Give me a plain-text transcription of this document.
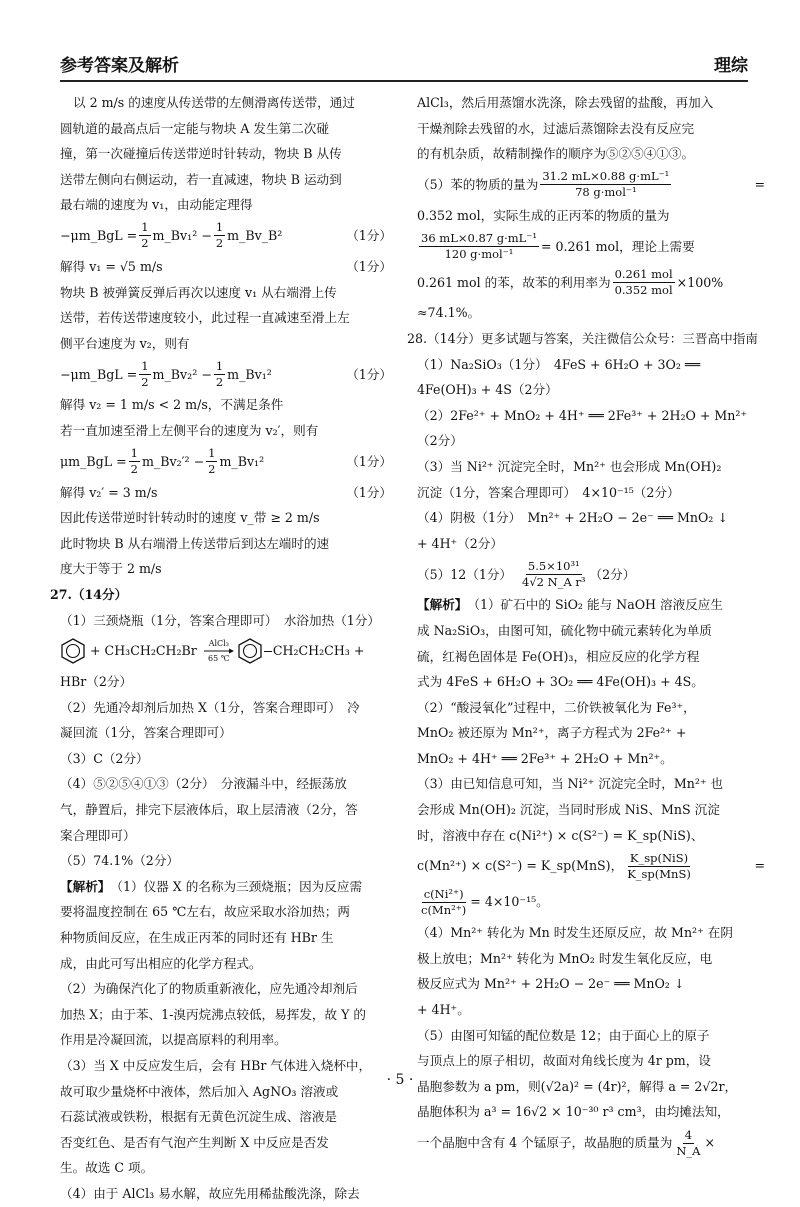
参考答案及解析	理综
以 2 m/s 的速度从传送带的左侧滑离传送带，通过
圆轨道的最高点后一定能与物块 A 发生第二次碰
撞，第一次碰撞后传送带逆时针转动，物块 B 从传
送带左侧向右侧运动，若一直减速，物块 B 运动到
最右端的速度为 v₁，由动能定理得
−μm_BgL = $\frac{1}{2}$ m_Bv₁² − $\frac{1}{2}$ m_Bv_B²	（1分）
解得 v₁ = √5 m/s	（1分）
物块 B 被弹簧反弹后再次以速度 v₁ 从右端滑上传
送带，若传送带速度较小，此过程一直减速至滑上左
侧平台速度为 v₂，则有
−μm_BgL = $\frac{1}{2}$ m_Bv₂² − $\frac{1}{2}$ m_Bv₁²	（1分）
解得 v₂ = 1 m/s < 2 m/s，不满足条件
若一直加速至滑上左侧平台的速度为 v₂′，则有
μm_BgL = $\frac{1}{2}$ m_Bv₂′² − $\frac{1}{2}$ m_Bv₁²	（1分）
解得 v₂′ = 3 m/s	（1分）
因此传送带逆时针转动时的速度 v_带 ≥ 2 m/s
此时物块 B 从右端滑上传送带后到达左端时的速
度大于等于 2 m/s
27.（14分）
（1）三颈烧瓶（1分，答案合理即可）　水浴加热（1分）
+ CH₃CH₂CH₂Br AlCl₃
65 ℃
CH₂CH₂CH₃ +
HBr（2分）
（2）先通冷却剂后加热 X（1分，答案合理即可）　冷
凝回流（1分，答案合理即可）
（3）C（2分）
（4）⑤②⑤④①③（2分）　分液漏斗中，经振荡放
气，静置后，排完下层液体后，取上层清液（2分，答
案合理即可）
（5）74.1%（2分）
【解析】 （1）仪器 X 的名称为三颈烧瓶；因为反应需
要将温度控制在 65 ℃左右，故应采取水浴加热；两
种物质间反应，在生成正丙苯的同时还有 HBr 生
成，由此可写出相应的化学方程式。
（2）为确保汽化了的物质重新液化，应先通冷却剂后
加热 X；由于苯、1-溴丙烷沸点较低，易挥发，故 Y 的
作用是冷凝回流，以提高原料的利用率。
（3）当 X 中反应发生后，会有 HBr 气体进入烧杯中，
故可取少量烧杯中液体，然后加入 AgNO₃ 溶液或
石蕊试液或铁粉，根据有无黄色沉淀生成、溶液是
否变红色、是否有气泡产生判断 X 中反应是否发
生。故选 C 项。
（4）由于 AlCl₃ 易水解，故应先用稀盐酸洗涤，除去
AlCl₃，然后用蒸馏水洗涤，除去残留的盐酸，再加入
干燥剂除去残留的水，过滤后蒸馏除去没有反应完
的有机杂质，故精制操作的顺序为⑤②⑤④①③。
（5）苯的物质的量为 $\frac{\text{31.2 mL×0.88 g·mL⁻¹}}{\text{78 g·mol⁻¹}}$	=
0.352 mol，实际生成的正丙苯的物质的量为
$\frac{\text{36 mL×0.87 g·mL⁻¹}}{\text{120 g·mol⁻¹}} = 0.261$ mol，理论上需要
0.261 mol 的苯，故苯的利用率为 $\frac{\text{0.261 mol}}{\text{0.352 mol}} \times 100\%$
≈74.1%。
28.（14分）更多试题与答案，关注微信公众号：三晋高中指南
（1）Na₂SiO₃（1分）　4FeS + 6H₂O + 3O₂ ══
4Fe(OH)₃ + 4S（2分）
（2）2Fe²⁺ + MnO₂ + 4H⁺ ══ 2Fe³⁺ + 2H₂O + Mn²⁺
（2分）
（3）当 Ni²⁺ 沉淀完全时，Mn²⁺ 也会形成 Mn(OH)₂
沉淀（1分，答案合理即可）　4×10⁻¹⁵（2分）
（4）阴极（1分）　Mn²⁺ + 2H₂O − 2e⁻ ══ MnO₂ ↓
+ 4H⁺（2分）
（5）12（1分） $\frac{\text{5.5×10³¹}}{\text{4√2 N\_A r³}} (2$分）
【解析】 （1）矿石中的 SiO₂ 能与 NaOH 溶液反应生
成 Na₂SiO₃，由图可知，硫化物中硫元素转化为单质
硫，红褐色固体是 Fe(OH)₃，相应反应的化学方程
式为 4FeS + 6H₂O + 3O₂ ══ 4Fe(OH)₃ + 4S。
（2）“酸浸氧化”过程中，二价铁被氧化为 Fe³⁺，
MnO₂ 被还原为 Mn²⁺，离子方程式为 2Fe²⁺ +
MnO₂ + 4H⁺ ══ 2Fe³⁺ + 2H₂O + Mn²⁺。
（3）由已知信息可知，当 Ni²⁺ 沉淀完全时，Mn²⁺ 也
会形成 Mn(OH)₂ 沉淀，当同时形成 NiS、MnS 沉淀
时，溶液中存在 c(Ni²⁺) × c(S²⁻) = K_sp(NiS)、
c(Mn²⁺) × c(S²⁻) = K_sp(MnS)， $\frac{\text{K\_sp(NiS)}}{\text{K\_sp(MnS)}}$	=
$\frac{\text{c(Ni²⁺)}}{\text{c(Mn²⁺)}} = 4\times 10^{-15}$。
（4）Mn²⁺ 转化为 Mn 时发生还原反应，故 Mn²⁺ 在阴
极上放电；Mn²⁺ 转化为 MnO₂ 时发生氧化反应，电
极反应式为 Mn²⁺ + 2H₂O − 2e⁻ ══ MnO₂ ↓
+ 4H⁺。
（5）由图可知锰的配位数是 12；由于面心上的原子
与顶点上的原子相切，故面对角线长度为 4r pm，设
晶胞参数为 a pm，则(√2a)² = (4r)²，解得 a = 2√2r，
晶胞体积为 a³ = 16√2 × 10⁻³⁰ r³ cm³，由均摊法知，
一个晶胞中含有 4 个锰原子，故晶胞的质量为 $\frac{4}{N\_A}$ ×
· 5 ·
